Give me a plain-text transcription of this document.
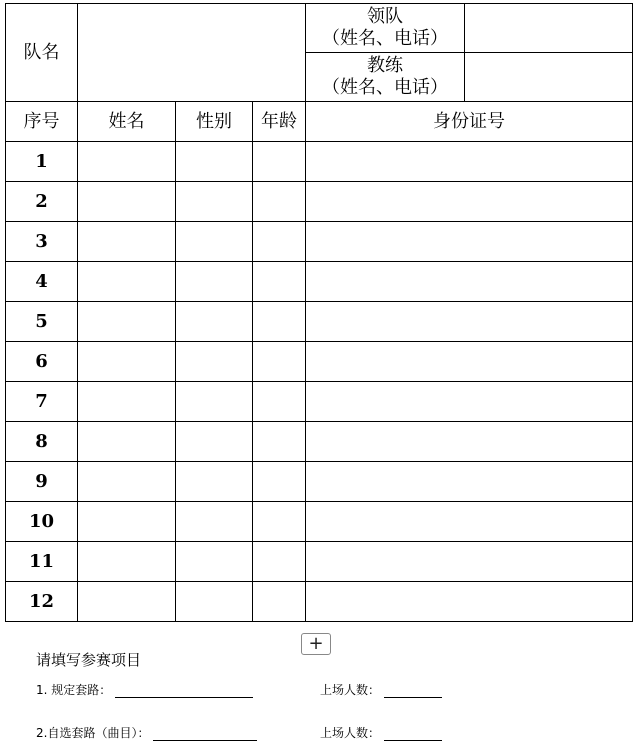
队名				领队
（姓名、电话）	

				教练
（姓名、电话）	

序号	姓名	性别	年龄	身份证号	
1					
2					
3					
4					
5					
6					
7					
8					
9					
10					
11					
12					
+
请填写参赛项目
1. 规定套路：	上场人数：
2.自选套路（曲目）：	上场人数：
